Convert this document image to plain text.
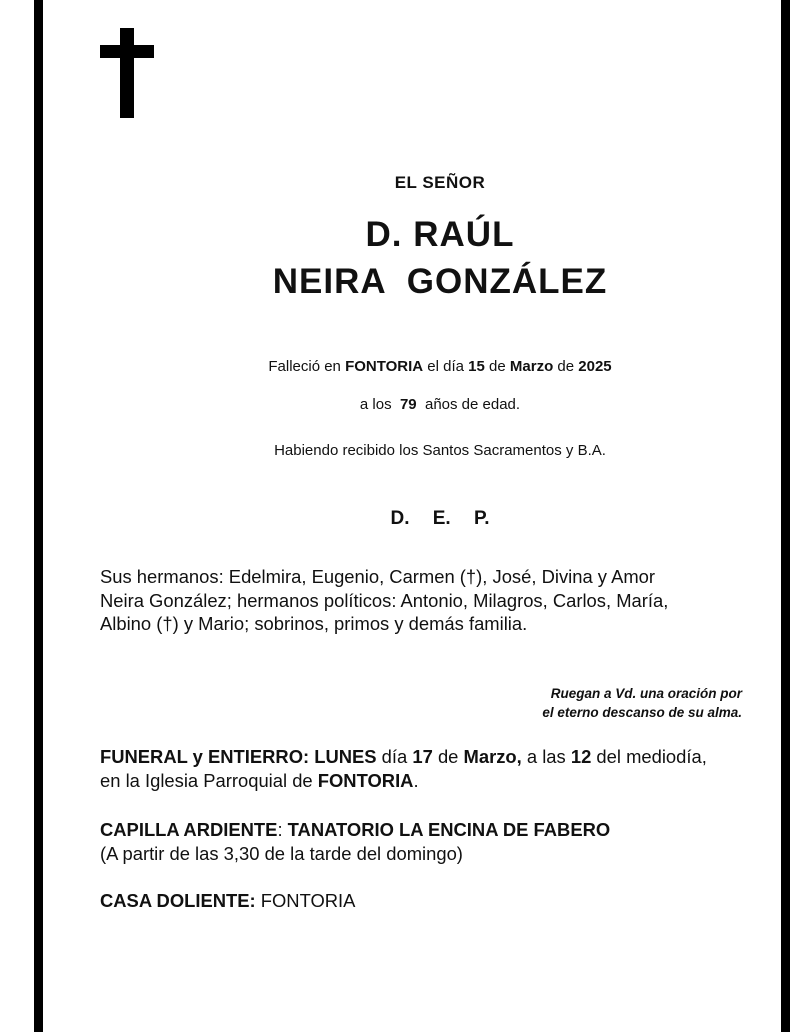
EL SEÑOR
D. RAÚL
NEIRA  GONZÁLEZ
Falleció en FONTORIA el día 15 de Marzo de 2025
a los  79  años de edad.
Habiendo recibido los Santos Sacramentos y B.A.
D. E. P.
Sus hermanos: Edelmira, Eugenio, Carmen (†), José, Divina y Amor
Neira González; hermanos políticos: Antonio, Milagros, Carlos, María,
Albino (†) y Mario; sobrinos, primos y demás familia.
Ruegan a Vd. una oración por
el eterno descanso de su alma.
FUNERAL y ENTIERRO: LUNES día 17 de Marzo, a las 12 del mediodía,
en la Iglesia Parroquial de FONTORIA.
CAPILLA ARDIENTE: TANATORIO LA ENCINA DE FABERO
(A partir de las 3,30 de la tarde del domingo)
CASA DOLIENTE: FONTORIA
